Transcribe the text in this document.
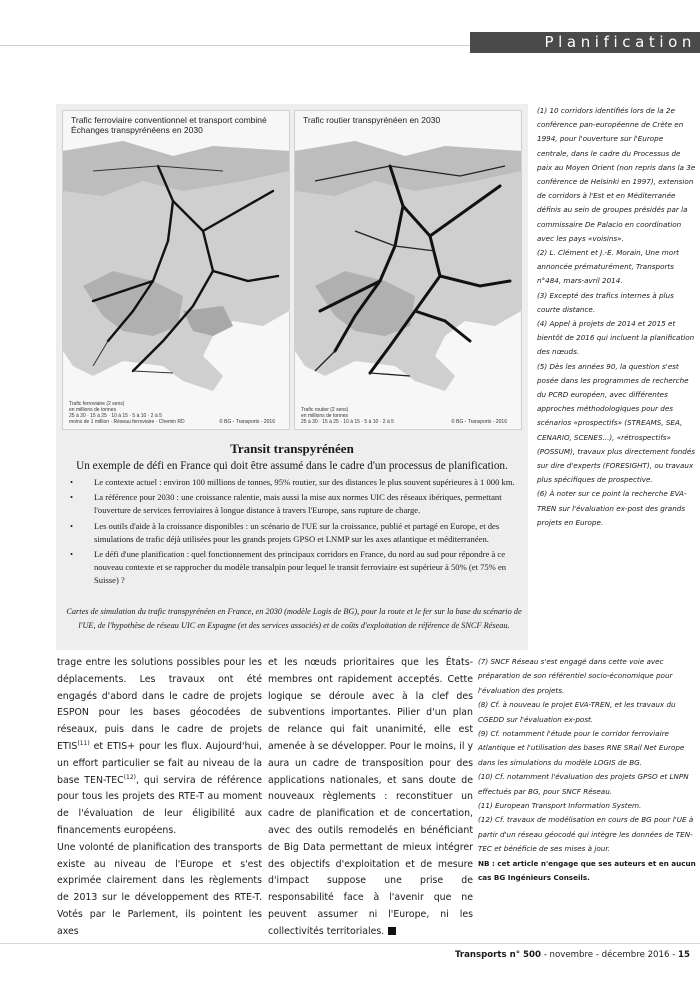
Planification
Trafic ferroviaire conventionnel et transport combiné
Échanges transpyrénéens en 2030
Trafic ferroviaire (2 sens)
en millions de tonnes
25 à 30 · 15 à 25 · 10 à 15 · 5 à 10 · 2 à 5
moins de 1 million · Réseau ferroviaire · Chemin RD	© BG - Transports - 2016
Trafic routier transpyrénéen en 2030
Trafic routier (2 sens)
en millions de tonnes
25 à 30 · 15 à 25 · 10 à 15 · 5 à 10 · 2 à 5	© BG - Transports - 2016
Transit transpyrénéen
Un exemple de défi en France qui doit être assumé dans le cadre d'un processus de planification.
• Le contexte actuel : environ 100 millions de tonnes, 95% routier, sur des distances le plus souvent supérieures à 1 000 km.
• La référence pour 2030 : une croissance ralentie, mais aussi la mise aux normes UIC des réseaux ibériques, permettant l'ouverture de services ferroviaires à longue distance à travers l'Europe, sans rupture de charge.
• Les outils d'aide à la croissance disponibles : un scénario de l'UE sur la croissance, publié et partagé en Europe, et des simulations de trafic déjà utilisées pour les grands projets GPSO et LNMP sur les axes atlantique et méditerranéen.
• Le défi d'une planification : quel fonctionnement des principaux corridors en France, du nord au sud pour répondre à ce nouveau contexte et se rapprocher du modèle transalpin pour lequel le transit ferroviaire est supérieur à 50% (et 75% en Suisse) ?
Cartes de simulation du trafic transpyrénéen en France, en 2030 (modèle Logis de BG), pour la route et le fer sur la base du scénario de l'UE, de l'hypothèse de réseau UIC en Espagne (et des services associés) et de coûts d'exploitation de référence de SNCF Réseau.

(1) 10 corridors identifiés lors de la 2e conférence pan-européenne de Crète en 1994, pour l'ouverture sur l'Europe centrale, dans le cadre du Processus de paix au Moyen Orient (non repris dans la 3e conférence de Helsinki en 1997), extension de corridors à l'Est et en Méditerranée définis au sein de groupes présidés par la commissaire De Palacio en coordination avec les pays «voisins».

(2) L. Clément et J.-E. Morain, Une mort annoncée prématurément, Transports n°484, mars-avril 2014.

(3) Excepté des trafics internes à plus courte distance.

(4) Appel à projets de 2014 et 2015 et bientôt de 2016 qui incluent la planification des nœuds.

(5) Dès les années 90, la question s'est posée dans les programmes de recherche du PCRD européen, avec différentes approches méthodologiques pour des scénarios «prospectifs» (STREAMS, SEA, CENARIO, SCENES...), «rétrospectifs» (POSSUM), travaux plus directement fondés sur dire d'experts (FORESIGHT), ou travaux plus spécifiques de prospective.

(6) À noter sur ce point la recherche EVA-TREN sur l'évaluation ex-post des grands projets en Europe.

trage entre les solutions possibles pour les déplacements. Les travaux ont été engagés d'abord dans le cadre de projets ESPON pour les bases géocodées de réseaux, puis dans le cadre de projets ETIS$^{(11)}$ et ETIS+ pour les flux. Aujourd'hui, un effort particulier se fait au niveau de la base TEN-TEC$^{(12)}$, qui servira de référence pour tous les projets des RTE-T au moment de l'évaluation de leur éligibilité aux financements européens.

Une volonté de planification des transports existe au niveau de l'Europe et s'est exprimée clairement dans les règlements de 2013 sur le développement des RTE-T. Votés par le Parlement, ils pointent les axes

et les nœuds prioritaires que les États-membres ont rapidement acceptés. Cette logique se déroule avec à la clef des subventions importantes. Pilier d'un plan de relance qui fait unanimité, elle est amenée à se développer. Pour le moins, il y aura un cadre de transposition pour des applications nationales, et sans doute de nouveaux règlements : reconstituer un cadre de planification et de concertation, avec des outils remodelés en bénéficiant de Big Data permettant de mieux intégrer des objectifs d'exploitation et de mesure d'impact suppose une prise de responsabilité face à l'avenir que ne peuvent assumer ni l'Europe, ni les collectivités territoriales.

(7) SNCF Réseau s'est engagé dans cette voie avec préparation de son référentiel socio-économique pour l'évaluation des projets.

(8) Cf. à nouveau le projet EVA-TREN, et les travaux du CGEDD sur l'évaluation ex-post.

(9) Cf. notamment l'étude pour le corridor ferroviaire Atlantique et l'utilisation des bases RNE SRail Net Europe dans les simulations du modèle LOGIS de BG.

(10) Cf. notamment l'évaluation des projets GPSO et LNPN effectués par BG, pour SNCF Réseau.

(11) European Transport Information System.

(12) Cf. travaux de modélisation en cours de BG pour l'UE à partir d'un réseau géocodé qui intègre les données de TEN-TEC et bénéficie de ses mises à jour.

NB : cet article n'engage que ses auteurs et en aucun cas BG Ingénieurs Conseils.

Transports n° 500 - novembre - décembre 2016 - 15
